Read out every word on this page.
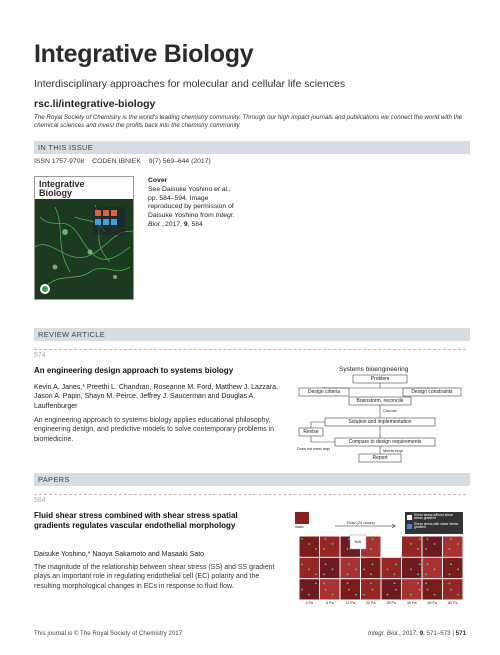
Integrative Biology
Interdisciplinary approaches for molecular and cellular life sciences
rsc.li/integrative-biology
The Royal Society of Chemistry is the world's leading chemistry community. Through our high impact journals and publications we connect the world with the chemical sciences and invest the profits back into the chemistry community.
IN THIS ISSUE
ISSN 1757-9708 CODEN IBNIEK 9(7) 569–644 (2017)
Integrative
Biology
Cover
See Daisuke Yoshino et al., pp. 584–594. Image reproduced by permission of Daisuke Yoshino from Integr. Biol., 2017, 9, 584
REVIEW ARTICLE
574
An engineering design approach to systems biology
Kevin A. Janes,* Preethi L. Chandran, Roseanne M. Ford, Matthew J. Lazzara, Jason A. Papin, Shayn M. Peirce, Jeffrey J. Saucerman and Douglas A. Lauffenburger
An engineering approach to systems biology applies educational philosophy, engineering design, and predictive models to solve contemporary problems in biomedicine.
Systems bioengineering
Problem
Design criteria	Design constraints
Brainstorm, reconcile
Choose
Solution and implementation
Revise
Does not meet reqs
Compare to design requirements
Meets reqs
Report
PAPERS
584
Fluid shear stress combined with shear stress spatial gradients regulates vascular endothelial morphology
Daisuke Yoshino,* Naoya Sakamoto and Masaaki Sato
The magnitude of the relationship between shear stress (SS) and SS gradient plays an important role in regulating endothelial cell (EC) polarity and the resulting morphological changes in ECs in response to fluid flow.
Static
Flow (24 hours)
Shear stress without shear stress gradient
Shear stress with shear stress gradient
N/A
2 Pa	6 Pa	12 Pa	20 Pa	26 Pa	40 Pa	60 Pa	80 Pa
This journal is © The Royal Society of Chemistry 2017	Integr. Biol., 2017, 9, 571–573 | 571
